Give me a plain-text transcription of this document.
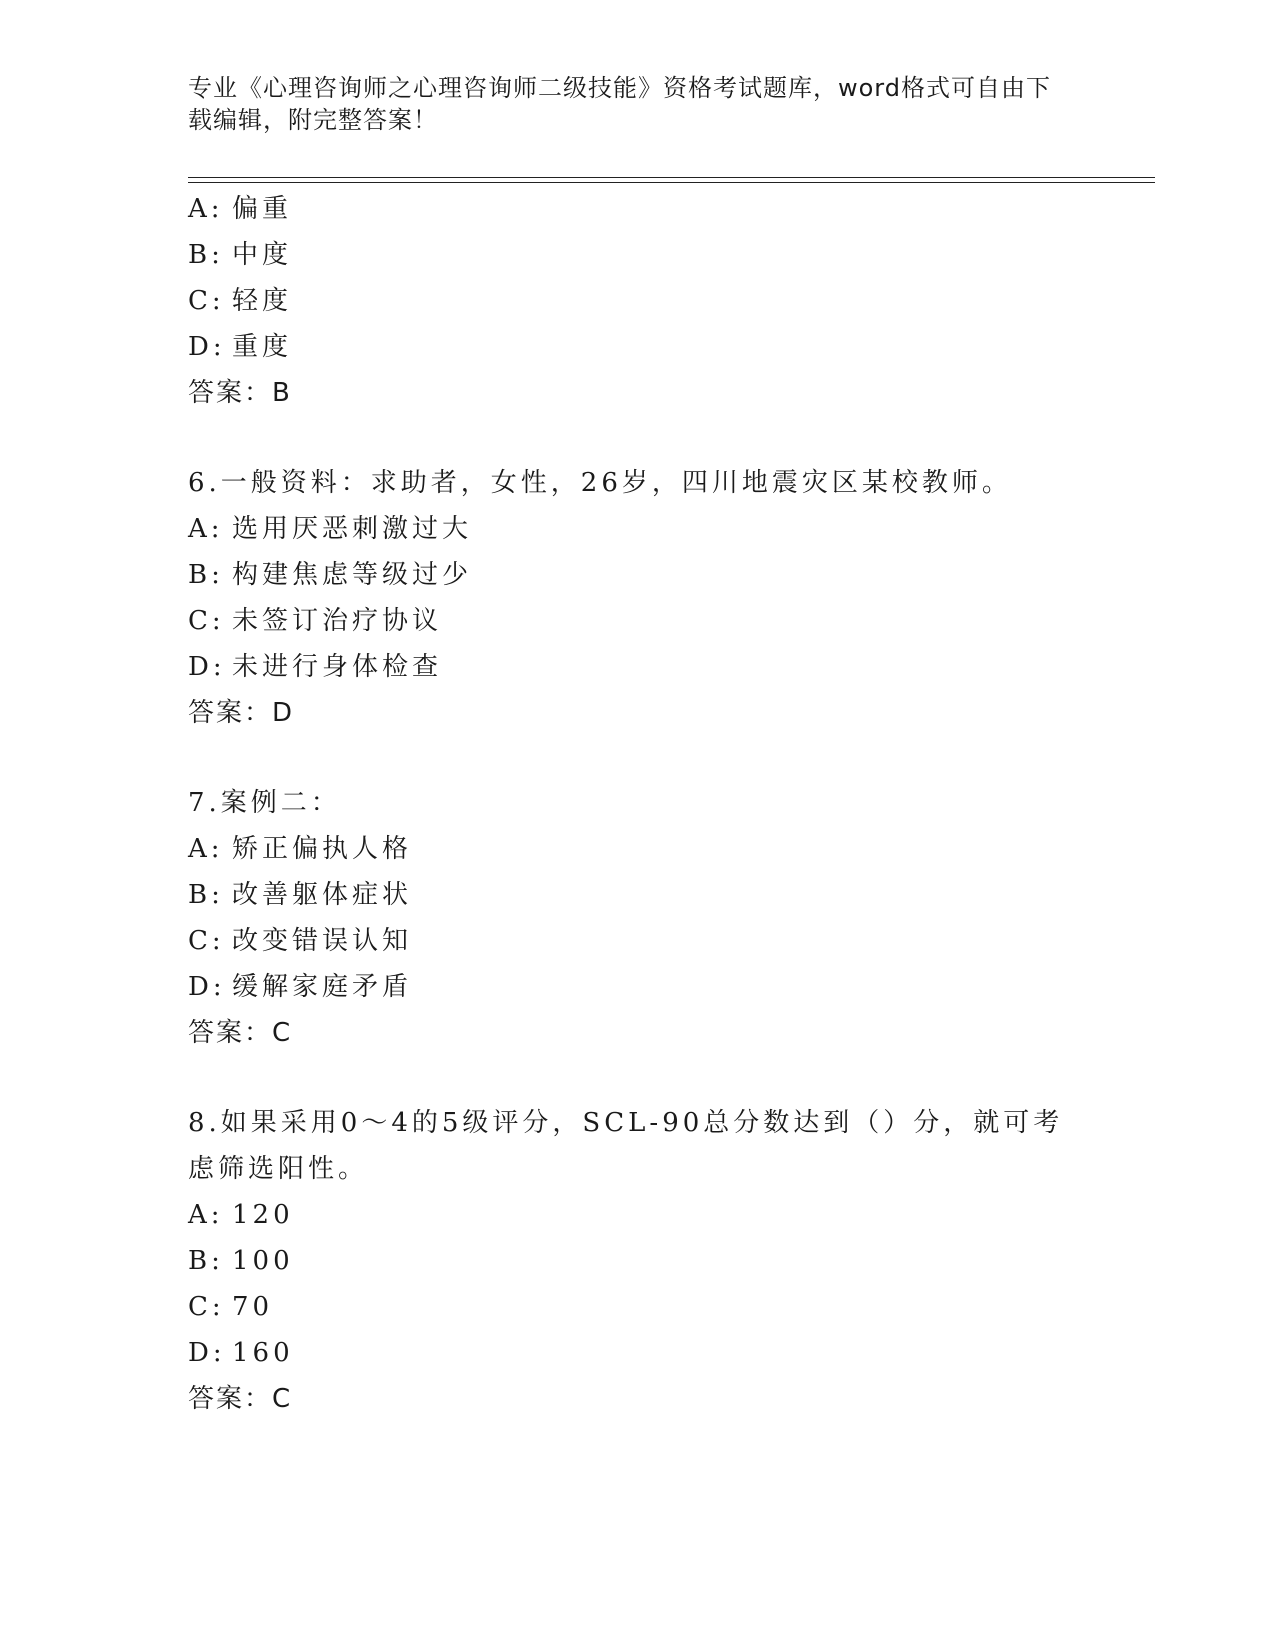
专业《心理咨询师之心理咨询师二级技能》资格考试题库，word格式可自由下载编辑，附完整答案！
A: 偏重
B: 中度
C: 轻度
D: 重度
答案：B
6.一般资料：求助者，女性，26岁，四川地震灾区某校教师。
A: 选用厌恶刺激过大
B: 构建焦虑等级过少
C: 未签订治疗协议
D: 未进行身体检查
答案：D
7.案例二：
A: 矫正偏执人格
B: 改善躯体症状
C: 改变错误认知
D: 缓解家庭矛盾
答案：C
8.如果采用0～4的5级评分，SCL-90总分数达到（）分，就可考虑筛选阳性。
A: 120
B: 100
C: 70
D: 160
答案：C
